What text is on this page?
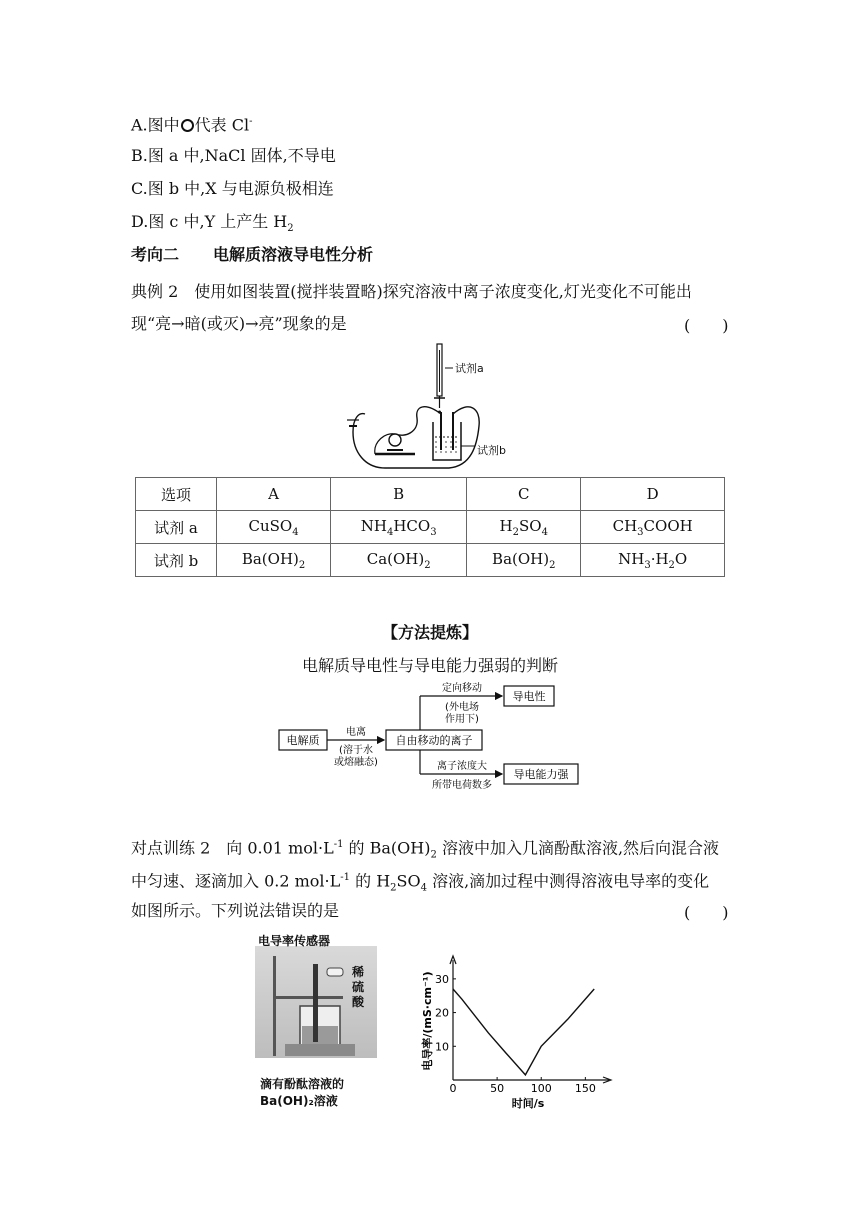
A.图中 代表 Cl-
B.图 a 中,NaCl 固体,不导电
C.图 b 中,X 与电源负极相连
D.图 c 中,Y 上产生 $H_2$
考向二 电解质溶液导电性分析
典例 2　使用如图装置(搅拌装置略)探究溶液中离子浓度变化,灯光变化不可能出
现“亮→暗(或灭)→亮”现象的是	(　　)
试剂a
试剂b
选项	A	B	C	D
试剂 a	CuSO$_4$	$NH_4HCO_3$	$H_2SO_4$	$CH_3COOH$
试剂 b	$Ba(OH)_2$	$Ca(OH)_2$	$Ba(OH)_2$	$NH_3\cdot H_2O$
【方法提炼】
电解质导电性与导电能力强弱的判断
电解质
电离
(溶于水
或熔融态)
自由移动的离子
定向移动
(外电场
作用下)
导电性
离子浓度大
所带电荷数多
导电能力强
对点训练 2　向 0.01 $mol\cdot L^{-1}$ 的 $Ba(OH)_2$ 溶液中加入几滴酚酞溶液,然后向混合液
中匀速、逐滴加入 0.2 $mol\cdot L^{-1}$ 的 $H_2SO_4$ 溶液,滴加过程中测得溶液电导率的变化
如图所示。下列说法错误的是	(　　)
电导率传感器
稀
硫
酸
滴有酚酞溶液的
Ba(OH)₂溶液
0	50 100 150
10
20
30
时间/s
电导率/(mS·cm⁻¹)
